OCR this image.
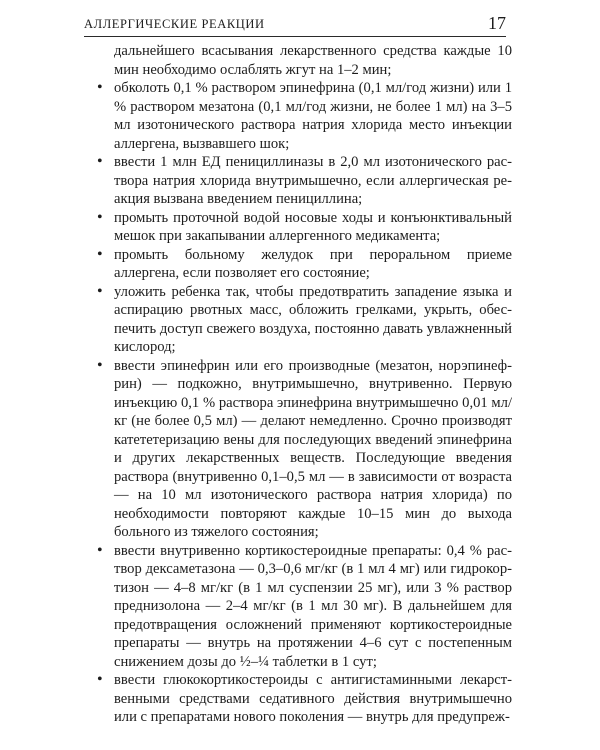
АЛЛЕРГИЧЕСКИЕ РЕАКЦИИ	17

дальнейшего всасывания лекарственного средства каждые 10 мин необходимо ослаблять жгут на 1–2 мин;

• обколоть 0,1 % раствором эпинефрина (0,1 мл/год жизни) или 1 % раствором мезатона (0,1 мл/год жизни, не более 1 мл) на 3–5 мл изотонического раствора натрия хлорида место инъекции аллергена, вызвавшего шок;
• ввести 1 млн ЕД пенициллиназы в 2,0 мл изотонического раствора натрия хлорида внутримышечно, если аллергическая реакция вызвана введением пенициллина;
• промыть проточной водой носовые ходы и конъюнктивальный мешок при закапывании аллергенного медикамента;
• промыть больному желудок при пероральном приеме аллергена, если позволяет его состояние;
• уложить ребенка так, чтобы предотвратить западение языка и аспирацию рвотных масс, обложить грелками, укрыть, обеспечить доступ свежего воздуха, постоянно давать увлажненный кислород;
• ввести эпинефрин или его производные (мезатон, норэпинефрин) — подкожно, внутримышечно, внутривенно. Первую инъекцию 0,1 % раствора эпинефрина внутримышечно 0,01 мл/кг (не более 0,5 мл) — делают немедленно. Срочно производят катететеризацию вены для последующих введений эпинефрина и других лекарственных веществ. Последующие введения раствора (внутривенно 0,1–0,5 мл — в зависимости от возраста — на 10 мл изотонического раствора натрия хлорида) по необходимости повторяют каждые 10–15 мин до выхода больного из тяжелого состояния;
• ввести внутривенно кортикостероидные препараты: 0,4 % раствор дексаметазона — 0,3–0,6 мг/кг (в 1 мл 4 мг) или гидрокортизон — 4–8 мг/кг (в 1 мл суспензии 25 мг), или 3 % раствор преднизолона — 2–4 мг/кг (в 1 мл 30 мг). В дальнейшем для предотвращения осложнений применяют кортикостероидные препараты — внутрь на протяжении 4–6 сут с постепенным снижением дозы до ½–¼ таблетки в 1 сут;
• ввести глюкокортикостероиды с антигистаминными лекарственными средствами седативного действия внутримышечно или с препаратами нового поколения — внутрь для предупреж-
